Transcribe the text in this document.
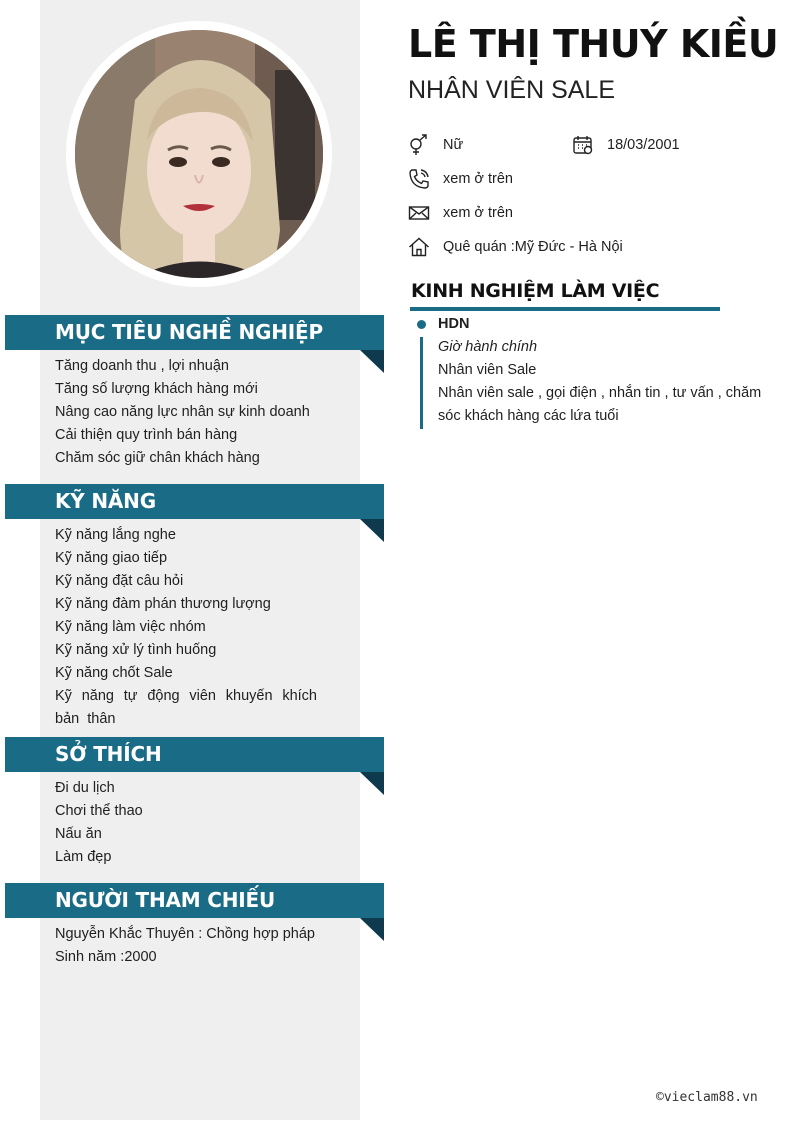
LÊ THỊ THUÝ KIỀU
NHÂN VIÊN SALE
Nữ	18/03/2001
xem ở trên
xem ở trên
Quê quán :Mỹ Đức - Hà Nội
KINH NGHIỆM LÀM VIỆC
HDN
Giờ hành chính
Nhân viên Sale
Nhân viên sale , gọi điện , nhắn tin , tư vấn , chăm sóc khách hàng các lứa tuổi
MỤC TIÊU NGHỀ NGHIỆP
Tăng doanh thu , lợi nhuận
Tăng số lượng khách hàng mới
Nâng cao năng lực nhân sự kinh doanh
Cải thiện quy trình bán hàng
Chăm sóc giữ chân khách hàng
KỸ NĂNG
Kỹ năng lắng nghe
Kỹ năng giao tiếp
Kỹ năng đặt câu hỏi
Kỹ năng đàm phán thương lượng
Kỹ năng làm việc nhóm
Kỹ năng xử lý tình huống
Kỹ năng chốt Sale
Kỹ năng tự động viên khuyến khích bản thân
SỞ THÍCH
Đi du lịch
Chơi thể thao
Nấu ăn
Làm đẹp
NGƯỜI THAM CHIẾU
Nguyễn Khắc Thuyên : Chồng hợp pháp
Sinh năm :2000
©vieclam88.vn
